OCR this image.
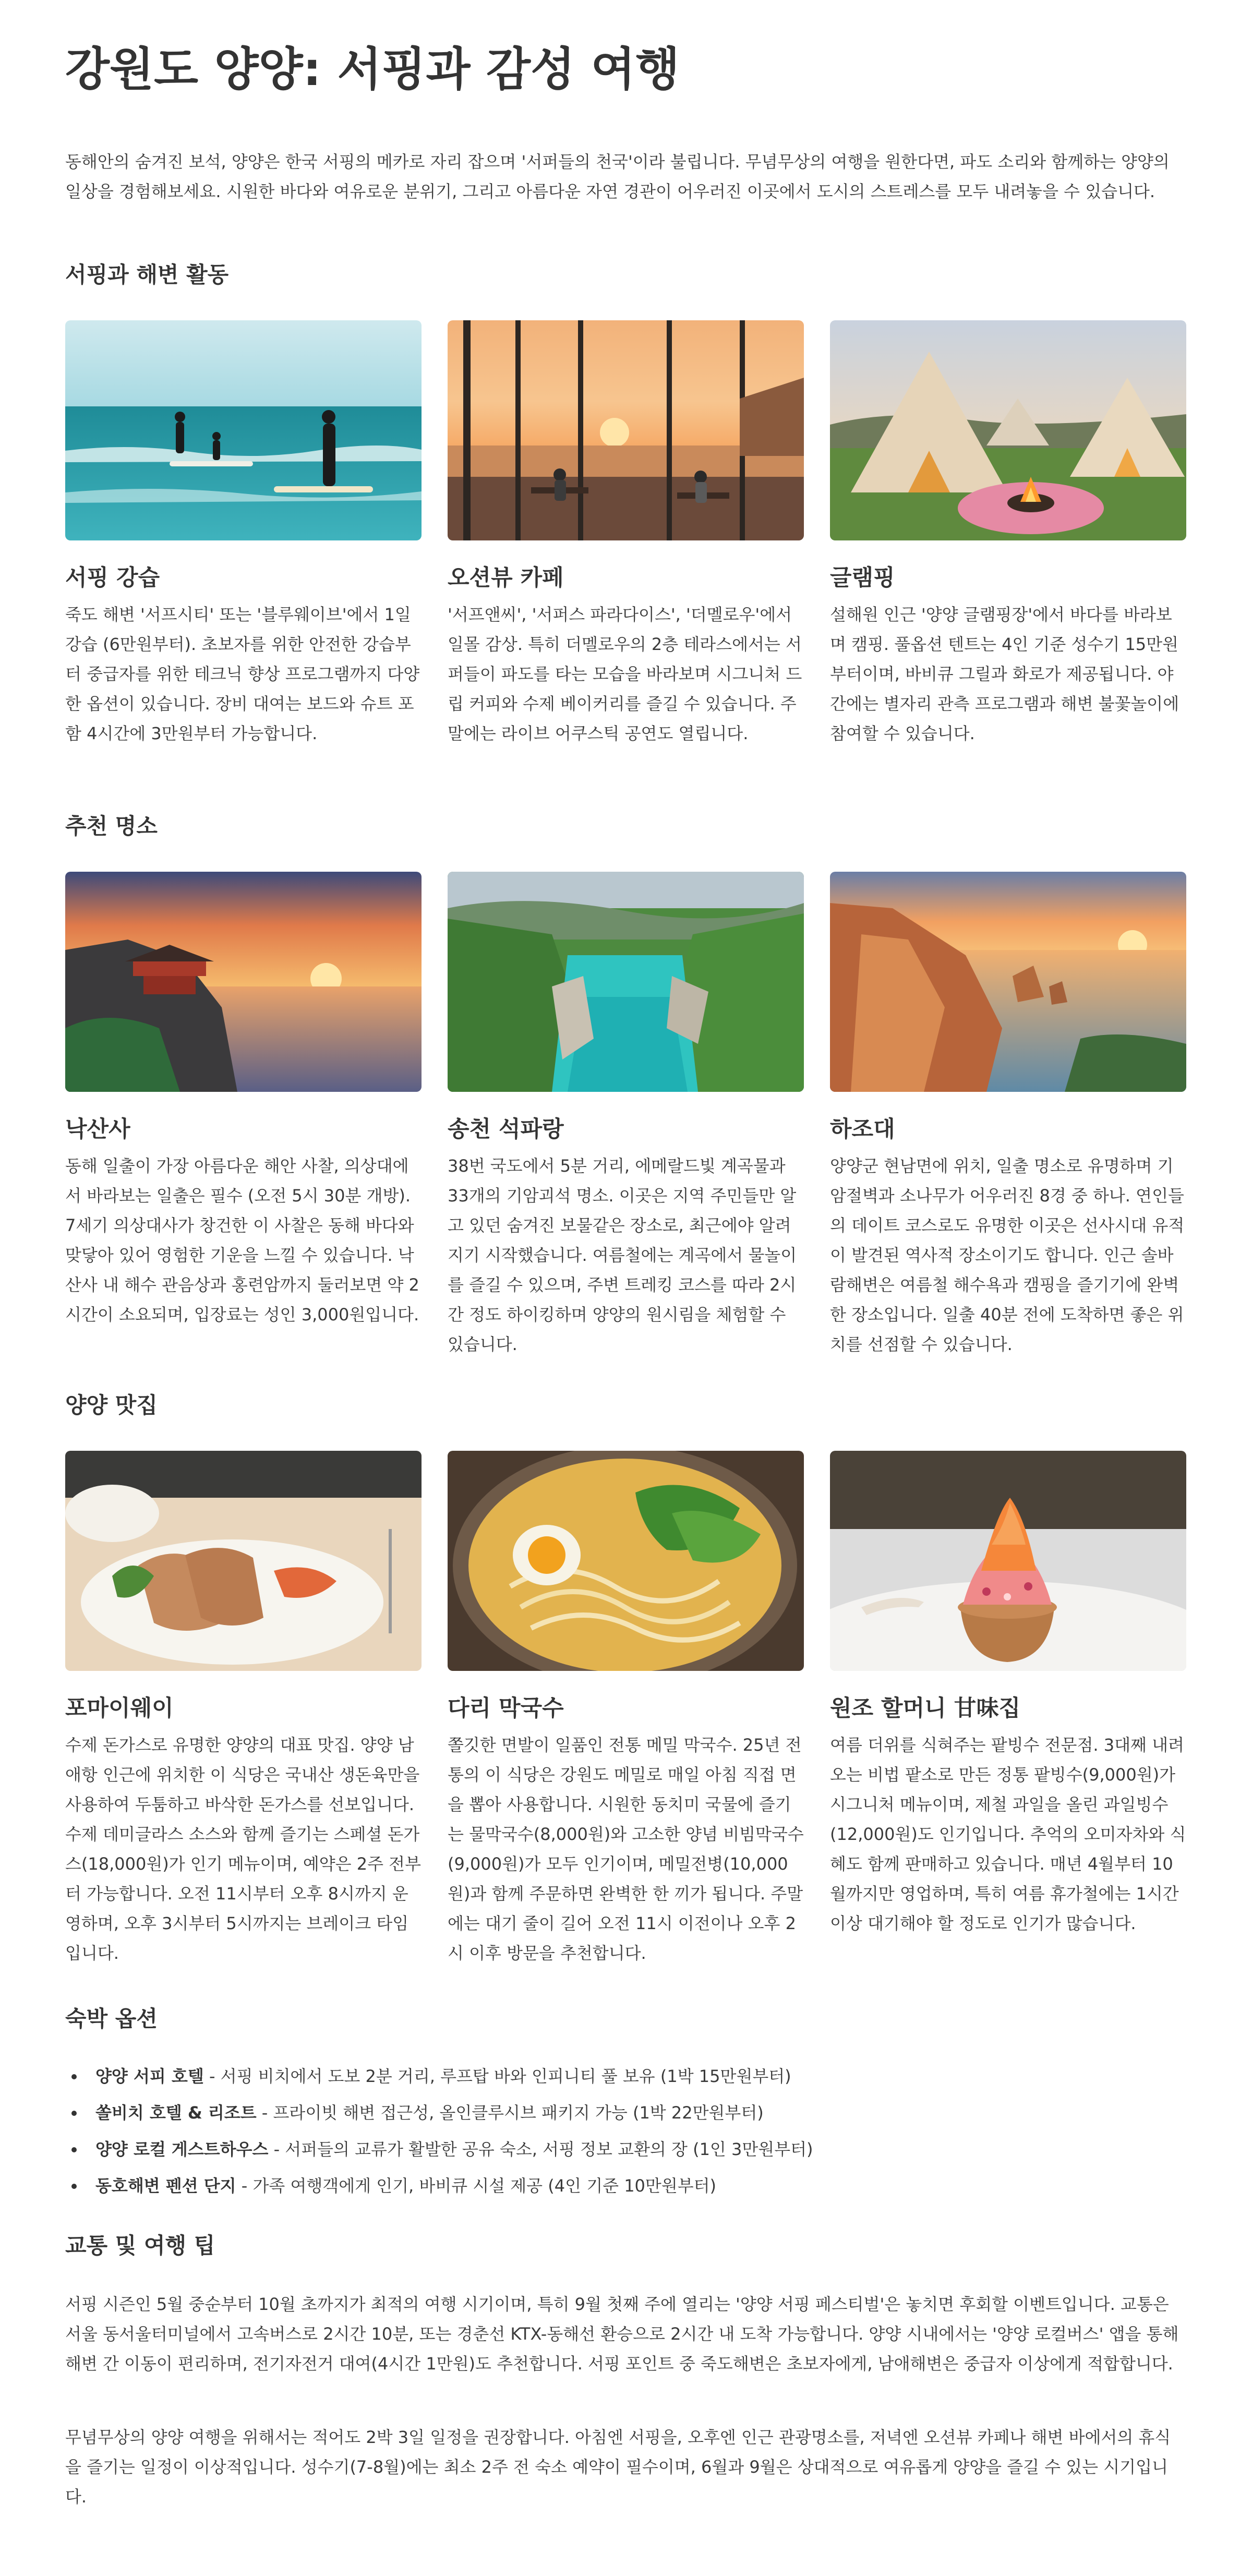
강원도 양양: 서핑과 감성 여행

동해안의 숨겨진 보석, 양양은 한국 서핑의 메카로 자리 잡으며 '서퍼들의 천국'이라 불립니다. 무념무상의 여행을 원한다면, 파도 소리와 함께하는 양양의 일상을 경험해보세요. 시원한 바다와 여유로운 분위기, 그리고 아름다운 자연 경관이 어우러진 이곳에서 도시의 스트레스를 모두 내려놓을 수 있습니다.

서핑과 해변 활동
서핑 강습

죽도 해변 '서프시티' 또는 '블루웨이브'에서 1일 강습 (6만원부터). 초보자를 위한 안전한 강습부터 중급자를 위한 테크닉 향상 프로그램까지 다양한 옵션이 있습니다. 장비 대여는 보드와 슈트 포함 4시간에 3만원부터 가능합니다.

오션뷰 카페

'서프앤씨', '서퍼스 파라다이스', '더멜로우'에서 일몰 감상. 특히 더멜로우의 2층 테라스에서는 서퍼들이 파도를 타는 모습을 바라보며 시그니처 드립 커피와 수제 베이커리를 즐길 수 있습니다. 주말에는 라이브 어쿠스틱 공연도 열립니다.

글램핑

설해원 인근 '양양 글램핑장'에서 바다를 바라보며 캠핑. 풀옵션 텐트는 4인 기준 성수기 15만원부터이며, 바비큐 그릴과 화로가 제공됩니다. 야간에는 별자리 관측 프로그램과 해변 불꽃놀이에 참여할 수 있습니다.

추천 명소
낙산사

동해 일출이 가장 아름다운 해안 사찰, 의상대에서 바라보는 일출은 필수 (오전 5시 30분 개방). 7세기 의상대사가 창건한 이 사찰은 동해 바다와 맞닿아 있어 영험한 기운을 느낄 수 있습니다. 낙산사 내 해수 관음상과 홍련암까지 둘러보면 약 2시간이 소요되며, 입장료는 성인 3,000원입니다.

송천 석파랑

38번 국도에서 5분 거리, 에메랄드빛 계곡물과 33개의 기암괴석 명소. 이곳은 지역 주민들만 알고 있던 숨겨진 보물같은 장소로, 최근에야 알려지기 시작했습니다. 여름철에는 계곡에서 물놀이를 즐길 수 있으며, 주변 트레킹 코스를 따라 2시간 정도 하이킹하며 양양의 원시림을 체험할 수 있습니다.

하조대

양양군 현남면에 위치, 일출 명소로 유명하며 기암절벽과 소나무가 어우러진 8경 중 하나. 연인들의 데이트 코스로도 유명한 이곳은 선사시대 유적이 발견된 역사적 장소이기도 합니다. 인근 솔바람해변은 여름철 해수욕과 캠핑을 즐기기에 완벽한 장소입니다. 일출 40분 전에 도착하면 좋은 위치를 선점할 수 있습니다.

양양 맛집
포마이웨이

수제 돈가스로 유명한 양양의 대표 맛집. 양양 남애항 인근에 위치한 이 식당은 국내산 생돈육만을 사용하여 두툼하고 바삭한 돈가스를 선보입니다. 수제 데미글라스 소스와 함께 즐기는 스페셜 돈가스(18,000원)가 인기 메뉴이며, 예약은 2주 전부터 가능합니다. 오전 11시부터 오후 8시까지 운영하며, 오후 3시부터 5시까지는 브레이크 타임입니다.

다리 막국수

쫄깃한 면발이 일품인 전통 메밀 막국수. 25년 전통의 이 식당은 강원도 메밀로 매일 아침 직접 면을 뽑아 사용합니다. 시원한 동치미 국물에 즐기는 물막국수(8,000원)와 고소한 양념 비빔막국수(9,000원)가 모두 인기이며, 메밀전병(10,000원)과 함께 주문하면 완벽한 한 끼가 됩니다. 주말에는 대기 줄이 길어 오전 11시 이전이나 오후 2시 이후 방문을 추천합니다.

원조 할머니 甘味집

여름 더위를 식혀주는 팥빙수 전문점. 3대째 내려오는 비법 팥소로 만든 정통 팥빙수(9,000원)가 시그니처 메뉴이며, 제철 과일을 올린 과일빙수(12,000원)도 인기입니다. 추억의 오미자차와 식혜도 함께 판매하고 있습니다. 매년 4월부터 10월까지만 영업하며, 특히 여름 휴가철에는 1시간 이상 대기해야 할 정도로 인기가 많습니다.

숙박 옵션
양양 서피 호텔 - 서핑 비치에서 도보 2분 거리, 루프탑 바와 인피니티 풀 보유 (1박 15만원부터)
쏠비치 호텔 & 리조트 - 프라이빗 해변 접근성, 올인클루시브 패키지 가능 (1박 22만원부터)
양양 로컬 게스트하우스 - 서퍼들의 교류가 활발한 공유 숙소, 서핑 정보 교환의 장 (1인 3만원부터)
동호해변 펜션 단지 - 가족 여행객에게 인기, 바비큐 시설 제공 (4인 기준 10만원부터)
교통 및 여행 팁

서핑 시즌인 5월 중순부터 10월 초까지가 최적의 여행 시기이며, 특히 9월 첫째 주에 열리는 '양양 서핑 페스티벌'은 놓치면 후회할 이벤트입니다. 교통은 서울 동서울터미널에서 고속버스로 2시간 10분, 또는 경춘선 KTX-동해선 환승으로 2시간 내 도착 가능합니다. 양양 시내에서는 '양양 로컬버스' 앱을 통해 해변 간 이동이 편리하며, 전기자전거 대여(4시간 1만원)도 추천합니다. 서핑 포인트 중 죽도해변은 초보자에게, 남애해변은 중급자 이상에게 적합합니다.

무념무상의 양양 여행을 위해서는 적어도 2박 3일 일정을 권장합니다. 아침엔 서핑을, 오후엔 인근 관광명소를, 저녁엔 오션뷰 카페나 해변 바에서의 휴식을 즐기는 일정이 이상적입니다. 성수기(7-8월)에는 최소 2주 전 숙소 예약이 필수이며, 6월과 9월은 상대적으로 여유롭게 양양을 즐길 수 있는 시기입니다.
